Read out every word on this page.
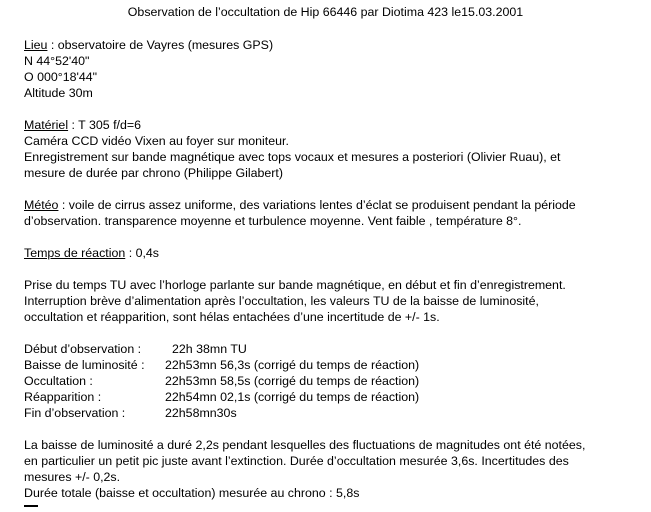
Observation de l’occultation de Hip 66446 par Diotima 423 le15.03.2001
Lieu : observatoire de Vayres (mesures GPS)
N 44°52'40"
O 000°18'44"
Altitude 30m
Matériel : T 305 f/d=6
Caméra CCD vidéo Vixen au foyer sur moniteur.
Enregistrement sur bande magnétique avec tops vocaux et mesures a posteriori (Olivier Ruau), et
mesure de durée par chrono (Philippe Gilabert)
Météo : voile de cirrus assez uniforme, des variations lentes d’éclat se produisent pendant la période
d’observation. transparence moyenne et turbulence moyenne. Vent faible , température 8°.
Temps de réaction : 0,4s
Prise du temps TU avec l’horloge parlante sur bande magnétique, en début et fin d’enregistrement.
Interruption brève d’alimentation après l’occultation, les valeurs TU de la baisse de luminosité,
occultation et réapparition, sont hélas entachées d’une incertitude de +/- 1s.
Début d’observation : 22h 38mn TU
Baisse de luminosité : 22h53mn 56,3s (corrigé du temps de réaction)
Occultation :	22h53mn 58,5s (corrigé du temps de réaction)
Réapparition :	22h54mn 02,1s (corrigé du temps de réaction)
Fin d’observation :	22h58mn30s
La baisse de luminosité a duré 2,2s pendant lesquelles des fluctuations de magnitudes ont été notées,
en particulier un petit pic juste avant l’extinction. Durée d’occultation mesurée 3,6s. Incertitudes des
mesures +/- 0,2s.
Durée totale (baisse et occultation) mesurée au chrono : 5,8s
